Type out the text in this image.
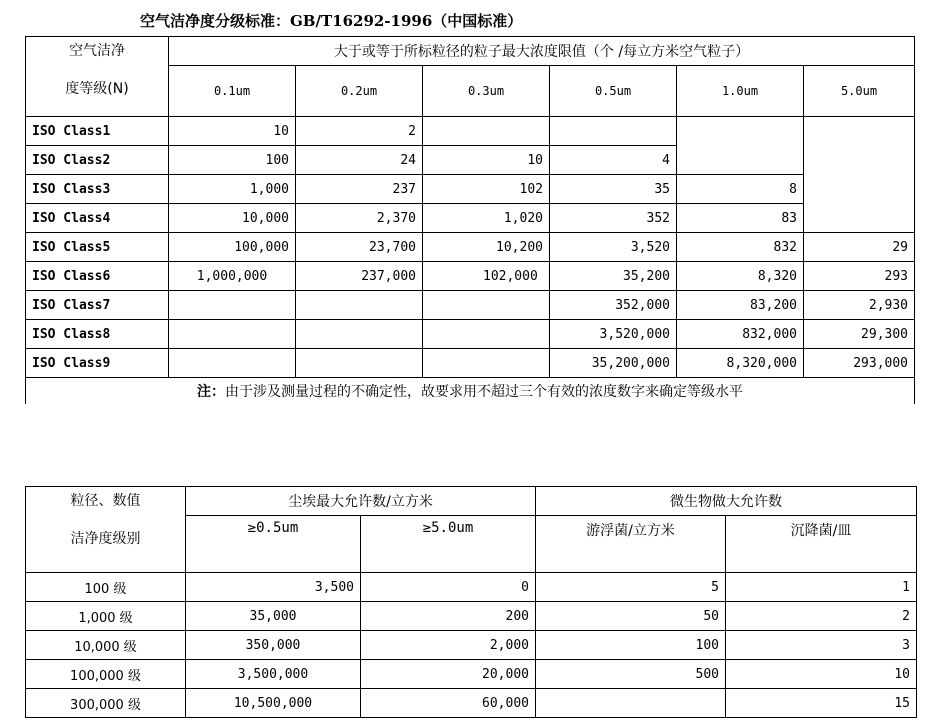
空气洁净度分级标准：GB/T16292-1996（中国标准）
空气洁净
度等级(N)	大于或等于所标粒径的粒子最大浓度限值（个 /每立方米空气粒子）					
	0.1um	0.2um	0.3um	0.5um	1.0um	5.0um
ISO Class1	10	2				
ISO Class2	100	24	10	4		
ISO Class3	1,000	237	102	35	8	
ISO Class4	10,000	2,370	1,020	352	83	
ISO Class5	100,000	23,700	10,200	3,520	832	29
ISO Class6	1,000,000	237,000	102,000	35,200	8,320	293
ISO Class7				352,000	83,200	2,930
ISO Class8				3,520,000	832,000	29,300
ISO Class9				35,200,000	8,320,000	293,000
注：由于涉及测量过程的不确定性，故要求用不超过三个有效的浓度数字来确定等级水平						
粒径、数值
洁净度级别	尘埃最大允许数/立方米		微生物做大允许数	
	≥0.5um	≥5.0um	游浮菌/立方米	沉降菌/皿
100 级	3,500	0	5	1
1,000 级	35,000	200	50	2
10,000 级	350,000	2,000	100	3
100,000 级	3,500,000	20,000	500	10
300,000 级	10,500,000	60,000		15
